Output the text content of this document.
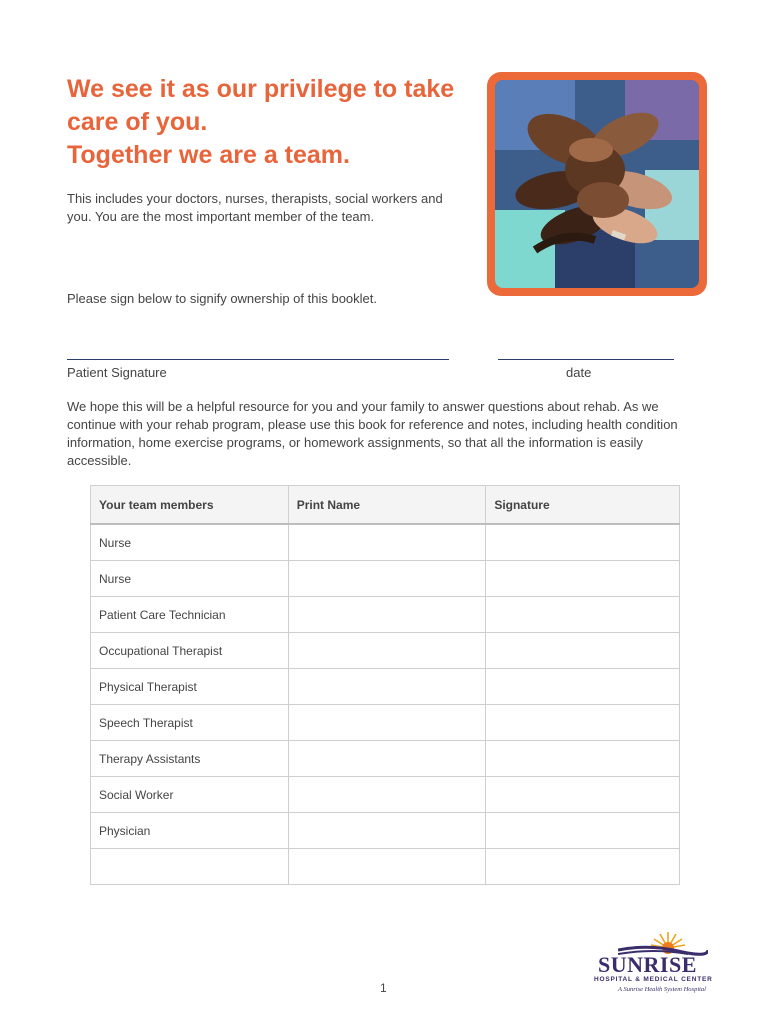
We see it as our privilege to take
care of you.
Together we are a team.

This includes your doctors, nurses, therapists, social workers and you. You are the most important member of the team.

Please sign below to signify ownership of this booklet.

Patient Signature	date

We hope this will be a helpful resource for you and your family to answer questions about rehab. As we continue with your rehab program, please use this book for reference and notes, including health condition information, home exercise programs, or homework assignments, so that all the information is easily accessible.

Your team members	Print Name	Signature
Nurse		
Nurse		
Patient Care Technician		
Occupational Therapist		
Physical Therapist		
Speech Therapist		
Therapy Assistants		
Social Worker		
Physician		

1
SUNRISE
HOSPITAL & MEDICAL CENTER
A Sunrise Health System Hospital
